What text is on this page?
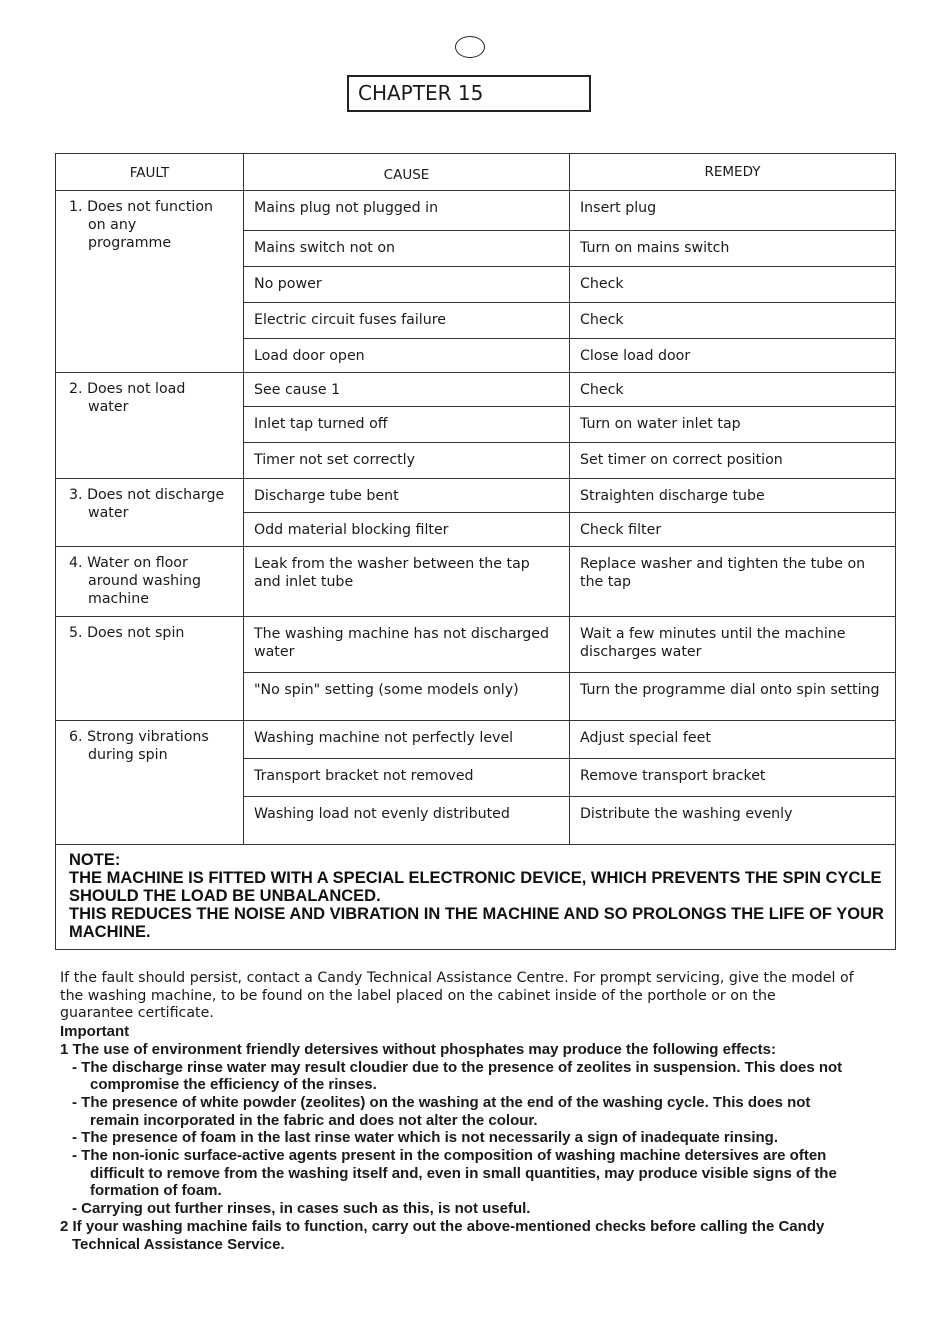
CHAPTER 15
FAULT	CAUSE	REMEDY
1. Does not function
on any
programme	Mains plug not plugged in	Insert plug
	Mains switch not on	Turn on mains switch
	No power	Check
	Electric circuit fuses failure	Check
	Load door open	Close load door
2. Does not load
water	See cause 1	Check
	Inlet tap turned off	Turn on water inlet tap
	Timer not set correctly	Set timer on correct position
3. Does not discharge
water	Discharge tube bent	Straighten discharge tube
	Odd material blocking filter	Check filter
4. Water on floor
around washing
machine	Leak from the washer between the tap and inlet tube	Replace washer and tighten the tube on the tap
5. Does not spin	The washing machine has not discharged water	Wait a few minutes until the machine discharges water
	"No spin" setting (some models only)	Turn the programme dial onto spin setting
6. Strong vibrations
during spin	Washing machine not perfectly level	Adjust special feet
	Transport bracket not removed	Remove transport bracket
	Washing load not evenly distributed	Distribute the washing evenly

NOTE:
THE MACHINE IS FITTED WITH A SPECIAL ELECTRONIC DEVICE, WHICH PREVENTS THE SPIN CYCLE
SHOULD THE LOAD BE UNBALANCED.
THIS REDUCES THE NOISE AND VIBRATION IN THE MACHINE AND SO PROLONGS THE LIFE OF YOUR
MACHINE.		
If the fault should persist, contact a Candy Technical Assistance Centre. For prompt servicing, give the model of
the washing machine, to be found on the label placed on the cabinet inside of the porthole or on the
guarantee certificate.
Important
1 The use of environment friendly detersives without phosphates may produce the following effects:
- The discharge rinse water may result cloudier due to the presence of zeolites in suspension. This does not
compromise the efficiency of the rinses.
- The presence of white powder (zeolites) on the washing at the end of the washing cycle. This does not
remain incorporated in the fabric and does not alter the colour.
- The presence of foam in the last rinse water which is not necessarily a sign of inadequate rinsing.
- The non-ionic surface-active agents present in the composition of washing machine detersives are often
difficult to remove from the washing itself and, even in small quantities, may produce visible signs of the
formation of foam.
- Carrying out further rinses, in cases such as this, is not useful.
2 If your washing machine fails to function, carry out the above-mentioned checks before calling the Candy
Technical Assistance Service.
